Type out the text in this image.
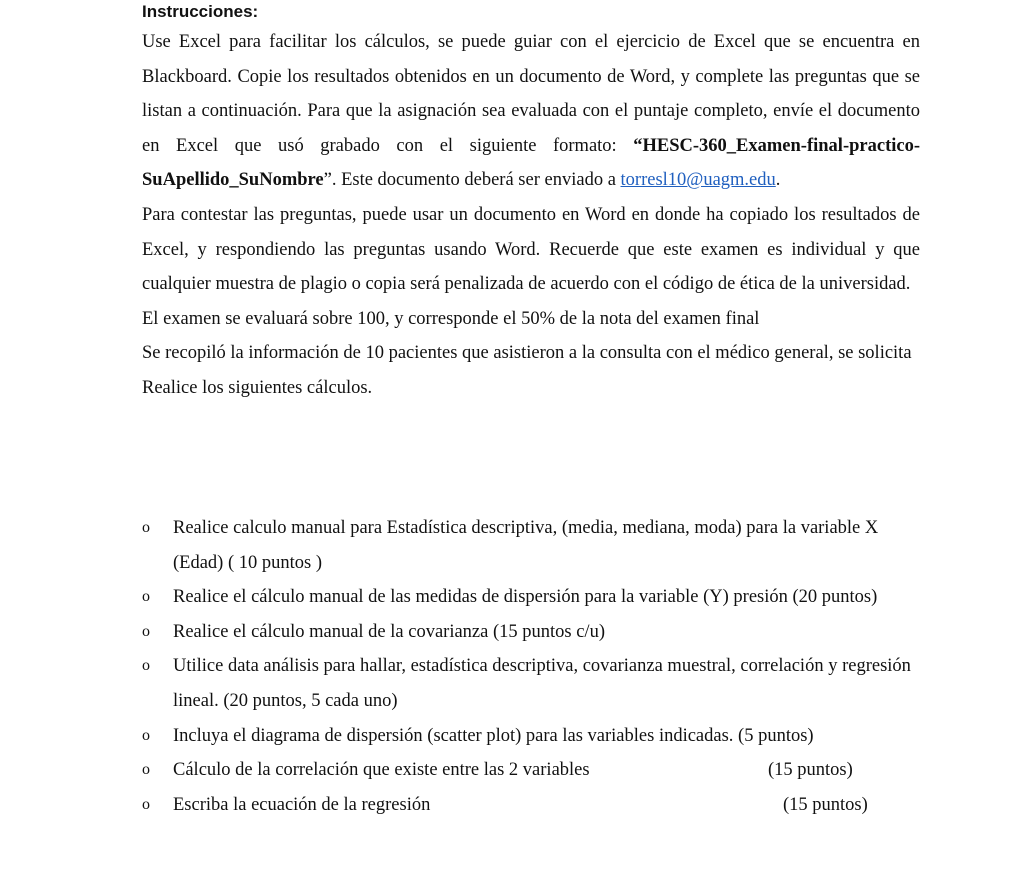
Instrucciones:

Use Excel para facilitar los cálculos, se puede guiar con el ejercicio de Excel que se encuentra en Blackboard. Copie los resultados obtenidos en un documento de Word, y complete las preguntas que se listan a continuación. Para que la asignación sea evaluada con el puntaje completo, envíe el documento en Excel que usó grabado con el siguiente formato: “HESC-360_Examen-final-practico-SuApellido_SuNombre”. Este documento deberá ser enviado a torresl10@uagm.edu.

Para contestar las preguntas, puede usar un documento en Word en donde ha copiado los resultados de Excel, y respondiendo las preguntas usando Word. Recuerde que este examen es individual y que cualquier muestra de plagio o copia será penalizada de acuerdo con el código de ética de la universidad.

El examen se evaluará sobre 100, y corresponde el 50% de la nota del examen final

Se recopiló la información de 10 pacientes que asistieron a la consulta con el médico general, se solicita

Realice los siguientes cálculos.

o Realice calculo manual para Estadística descriptiva, (media, mediana, moda) para la variable X (Edad) ( 10 puntos )
o Realice el cálculo manual de las medidas de dispersión para la variable (Y) presión (20 puntos)
o Realice el cálculo manual de la covarianza (15 puntos c/u)
o Utilice data análisis para hallar, estadística descriptiva, covarianza muestral, correlación y regresión lineal. (20 puntos, 5 cada uno)
o Incluya el diagrama de dispersión (scatter plot) para las variables indicadas. (5 puntos)
o Cálculo de la correlación que existe entre las 2 variables	(15 puntos)
o Escriba la ecuación de la regresión	(15 puntos)
